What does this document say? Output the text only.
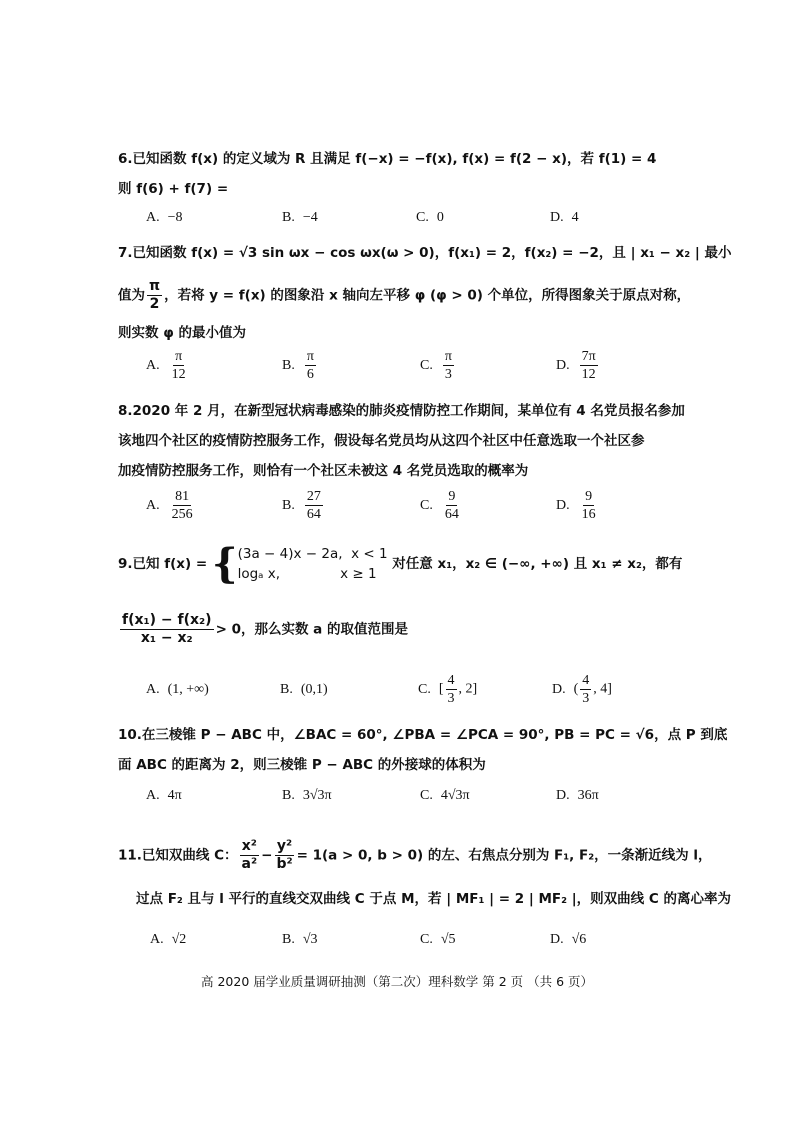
6.已知函数 f(x) 的定义域为 R 且满足 f(−x) = −f(x), f(x) = f(2 − x)，若 f(1) = 4
则 f(6) + f(7) =
A. −8	B. −4	C. 0	D. 4
7.已知函数 f(x) = √3 sin ωx − cos ωx(ω > 0)，f(x₁) = 2，f(x₂) = −2，且 | x₁ − x₂ | 最小
值为 $\frac{\pi}{2}$ ，若将 y = f(x) 的图象沿 x 轴向左平移 φ (φ > 0) 个单位，所得图象关于原点对称，
则实数 φ 的最小值为
A. $\frac{\pi}{12}$	B. $\frac{\pi}{6}$	C. $\frac{\pi}{3}$	D. $\frac{7\pi}{12}$
8.2020 年 2 月，在新型冠状病毒感染的肺炎疫情防控工作期间，某单位有 4 名党员报名参加
该地四个社区的疫情防控服务工作，假设每名党员均从这四个社区中任意选取一个社区参
加疫情防控服务工作，则恰有一个社区未被这 4 名党员选取的概率为
A. $\frac{81}{256}$	B. $\frac{27}{64}$	C. $\frac{9}{64}$	D. $\frac{9}{16}$
9.已知 f(x) = { (3a − 4)x − 2a,  x < 1
logₐ x,              x ≥ 1
对任意 x₁，x₂ ∈ (−∞, +∞) 且 x₁ ≠ x₂，都有
$\frac{\text{f(x₁) − f(x₂)}}{\text{x₁ − x₂}} > 0$，那么实数 a 的取值范围是
A. (1, +∞)	B. (0,1)	C. [ $\frac{4}{3}$ , 2]	D. ( $\frac{4}{3}$ , 4]
10.在三棱锥 P − ABC 中，∠BAC = 60°, ∠PBA = ∠PCA = 90°, PB = PC = √6，点 P 到底
面 ABC 的距离为 2，则三棱锥 P − ABC 的外接球的体积为
A. 4π	B. 3√3π	C. 4√3π	D. 36π
11.已知双曲线 C： $\frac{\text{x²}}{\text{a²}} - \frac{\text{y²}}{\text{b²}} = 1(a > 0$, b > 0) 的左、右焦点分别为 F₁, F₂，一条渐近线为 l，
过点 F₂ 且与 l 平行的直线交双曲线 C 于点 M，若 | MF₁ | = 2 | MF₂ |，则双曲线 C 的离心率为
A. √2	B. √3	C. √5	D. √6
高 2020 届学业质量调研抽测（第二次）理科数学 第 2 页 （共 6 页）
